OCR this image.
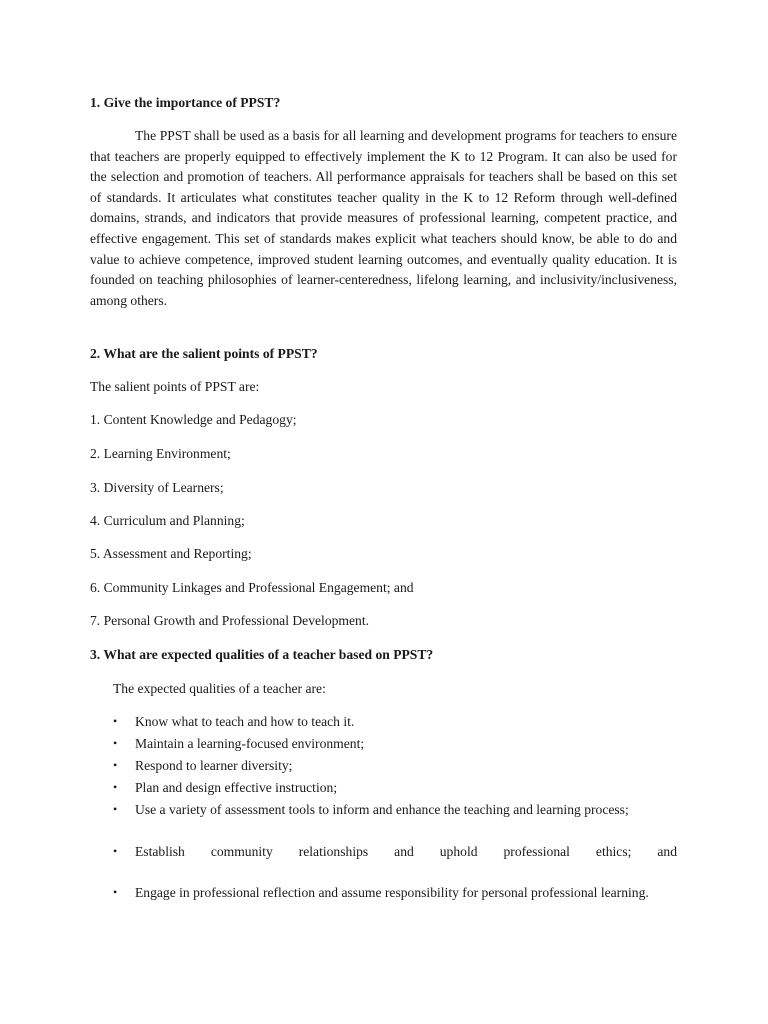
1. Give the importance of PPST?

The PPST shall be used as a basis for all learning and development programs for teachers to ensure that teachers are properly equipped to effectively implement the K to 12 Program. It can also be used for the selection and promotion of teachers. All performance appraisals for teachers shall be based on this set of standards. It articulates what constitutes teacher quality in the K to 12 Reform through well-defined domains, strands, and indicators that provide measures of professional learning, competent practice, and effective engagement. This set of standards makes explicit what teachers should know, be able to do and value to achieve competence, improved student learning outcomes, and eventually quality education. It is founded on teaching philosophies of learner-centeredness, lifelong learning, and inclusivity/inclusiveness, among others.

2. What are the salient points of PPST?

The salient points of PPST are:

1. Content Knowledge and Pedagogy;

2. Learning Environment;

3. Diversity of Learners;

4. Curriculum and Planning;

5. Assessment and Reporting;

6. Community Linkages and Professional Engagement; and

7. Personal Growth and Professional Development.

3. What are expected qualities of a teacher based on PPST?

The expected qualities of a teacher are:

•	Know what to teach and how to teach it.
•	Maintain a learning-focused environment;
•	Respond to learner diversity;
•	Plan and design effective instruction;
•	Use a variety of assessment tools to inform and enhance the teaching and learning process;
•	Establish community relationships and uphold professional ethics; and
•	Engage in professional reflection and assume responsibility for personal professional learning.
